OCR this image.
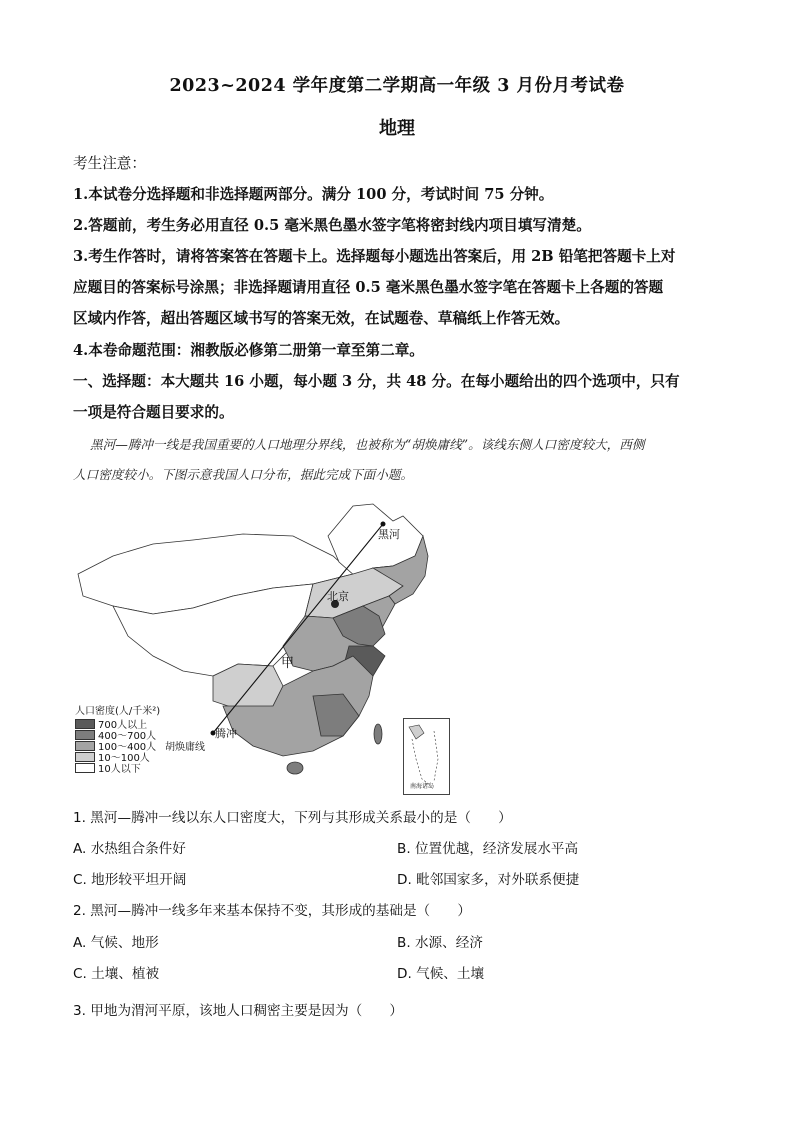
2023~2024 学年度第二学期高一年级 3 月份月考试卷
地理
考生注意：
1.本试卷分选择题和非选择题两部分。满分 100 分，考试时间 75 分钟。
2.答题前，考生务必用直径 0.5 毫米黑色墨水签字笔将密封线内项目填写清楚。
3.考生作答时，请将答案答在答题卡上。选择题每小题选出答案后，用 2B 铅笔把答题卡上对
应题目的答案标号涂黑；非选择题请用直径 0.5 毫米黑色墨水签字笔在答题卡上各题的答题
区域内作答，超出答题区域书写的答案无效，在试题卷、草稿纸上作答无效。
4.本卷命题范围：湘教版必修第二册第一章至第二章。
一、选择题：本大题共 16 小题，每小题 3 分，共 48 分。在每小题给出的四个选项中，只有
一项是符合题目要求的。
黑河—腾冲一线是我国重要的人口地理分界线，也被称为“胡焕庸线”。该线东侧人口密度较大，西侧
人口密度较小。下图示意我国人口分布，据此完成下面小题。
黑河
北京
甲
腾冲
胡焕庸线
南海诸岛
人口密度(人/千米²)
700人以上
400～700人
100～400人
10～100人
10人以下
1. 黑河—腾冲一线以东人口密度大，下列与其形成关系最小的是（　　）
A. 水热组合条件好	B. 位置优越，经济发展水平高
C. 地形较平坦开阔	D. 毗邻国家多，对外联系便捷
2. 黑河—腾冲一线多年来基本保持不变，其形成的基础是（　　）
A. 气候、地形	B. 水源、经济
C. 土壤、植被	D. 气候、土壤
3. 甲地为渭河平原，该地人口稠密主要是因为（　　）
